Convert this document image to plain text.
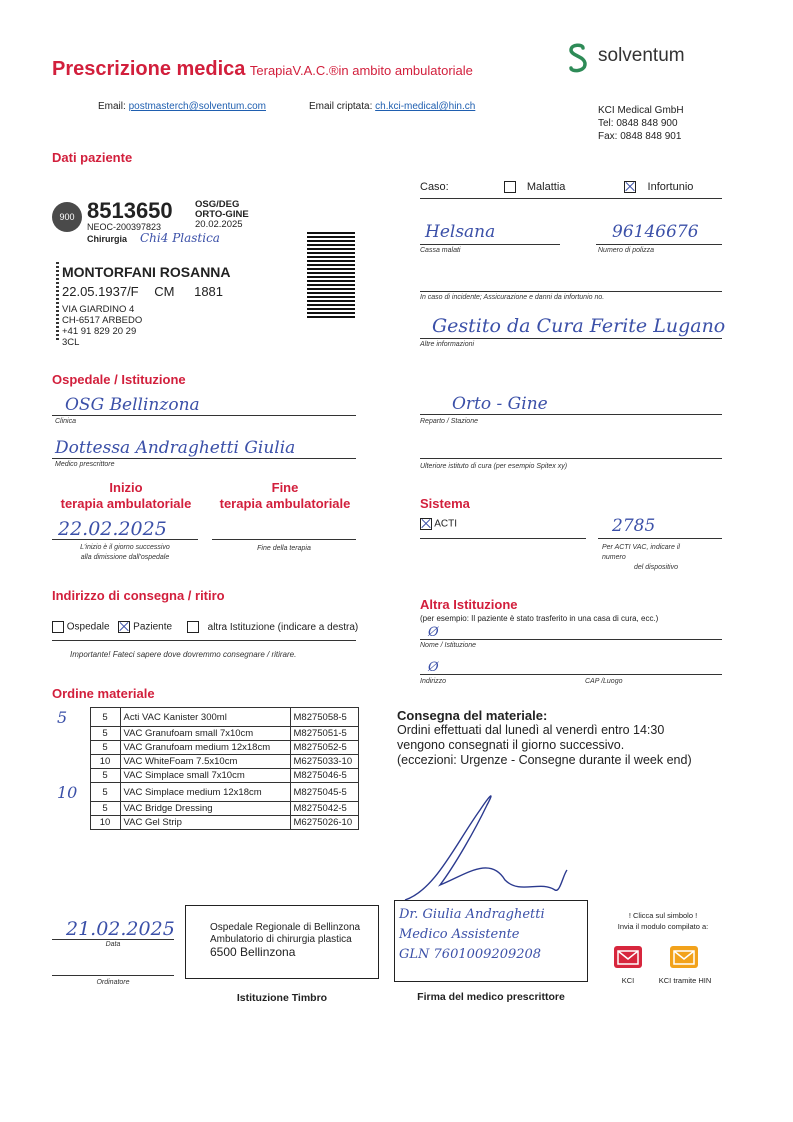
Prescrizione medica TerapiaV.A.C.®in ambito ambulatoriale
solventum
Email: postmasterch@solventum.com	Email criptata: ch.kci-medical@hin.ch	KCI Medical GmbH
Tel: 0848 848 900
Fax: 0848 848 901
Dati paziente
900 8513650 OSG/DEG
ORTO-GINE
20.02.2025
NEOC-200397823
Chirurgia Chi4 Plastica
MONTORFANI ROSANNA
22.05.1937/F CM 1881
VIA GIARDINO 4
CH-6517 ARBEDO
+41 91 829 20 29
3CL
Caso:	Malattia	Infortunio
Helsana
Cassa malati
96146676
Numero di polizza
In caso di incidente; Assicurazione e danni da infortunio no.
Gestito da Cura Ferite Lugano
Altre informazioni
Ospedale / Istituzione
OSG Bellinzona
Clinica
Dottessa Andraghetti Giulia
Medico prescrittore
Orto - Gine
Reparto / Stazione
Ulteriore istituto di cura (per esempio Spitex xy)
Inizio
terapia ambulatoriale
Fine
terapia ambulatoriale
22.02.2025
L'inizio è il giorno successivo
alla dimissione dall'ospedale
Fine della terapia
Sistema
ACTI	2785
Per ACTI VAC, indicare il
numero
del dispositivo
Indirizzo di consegna / ritiro
Ospedale Paziente	altra Istituzione (indicare a destra)
Importante! Fateci sapere dove dovremmo consegnare / ritirare.
Altra Istituzione
(per esempio: Il paziente è stato trasferito in una casa di cura, ecc.)
Ø
Nome / Istituzione
Ø
Indirizzo	CAP /Luogo
Ordine materiale
5	5	Acti VAC Kanister 300ml	M8275058-5
	5	VAC Granufoam small 7x10cm	M8275051-5
	5	VAC Granufoam medium 12x18cm	M8275052-5
	10	VAC WhiteFoam 7.5x10cm	M6275033-10
	5	VAC Simplace small 7x10cm	M8275046-5
10	5	VAC Simplace medium 12x18cm	M8275045-5
	5	VAC Bridge Dressing	M8275042-5
	10	VAC Gel Strip	M6275026-10
Consegna del materiale:
Ordini effettuati dal lunedì al venerdì entro 14:30
vengono consegnati il giorno successivo.
(eccezioni: Urgenze - Consegne durante il week end)
21.02.2025
Data
Ordinatore
Ospedale Regionale di Bellinzona
Ambulatorio di chirurgia plastica
6500 Bellinzona
Istituzione Timbro
Dr. Giulia Andraghetti
Medico Assistente
GLN 7601009209208
Firma del medico prescrittore
! Clicca sul simbolo !
Invia il modulo compilato a:
KCI	KCI tramite HIN
